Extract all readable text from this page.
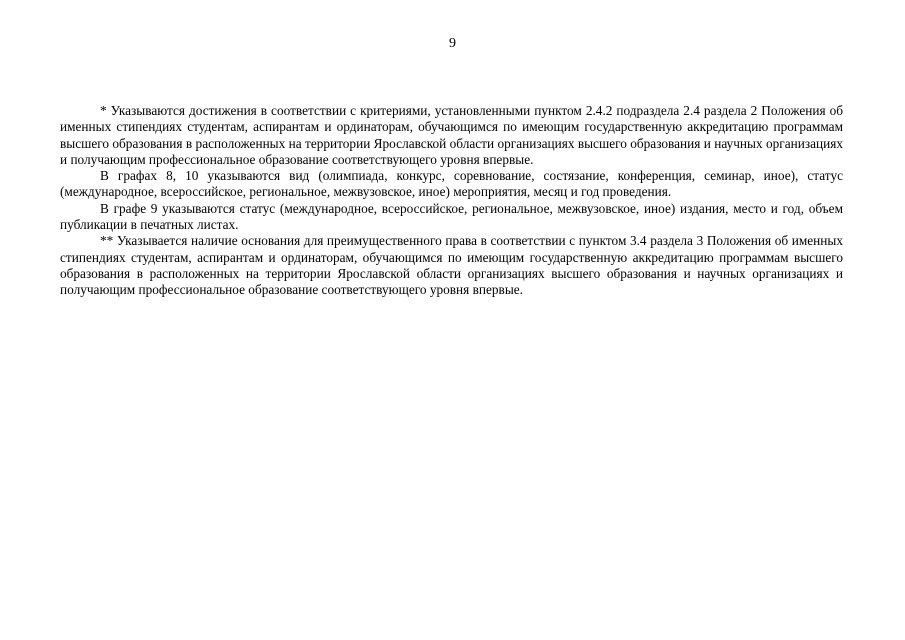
9

* Указываются достижения в соответствии с критериями, установленными пунктом 2.4.2 подраздела 2.4 раздела 2 Положения об именных стипендиях студентам, аспирантам и ординаторам, обучающимся по имеющим государственную аккредитацию программам высшего образования в расположенных на территории Ярославской области организациях высшего образования и научных организациях и получающим профессиональное образование соответствующего уровня впервые.

В графах 8, 10 указываются вид (олимпиада, конкурс, соревнование, состязание, конференция, семинар, иное), статус (международное, всероссийское, региональное, межвузовское, иное) мероприятия, месяц и год проведения.

В графе 9 указываются статус (международное, всероссийское, региональное, межвузовское, иное) издания, место и год, объем публикации в печатных листах.

** Указывается наличие основания для преимущественного права в соответствии с пунктом 3.4 раздела 3 Положения об именных стипендиях студентам, аспирантам и ординаторам, обучающимся по имеющим государственную аккредитацию программам высшего образования в расположенных на территории Ярославской области организациях высшего образования и научных организациях и получающим профессиональное образование соответствующего уровня впервые.
